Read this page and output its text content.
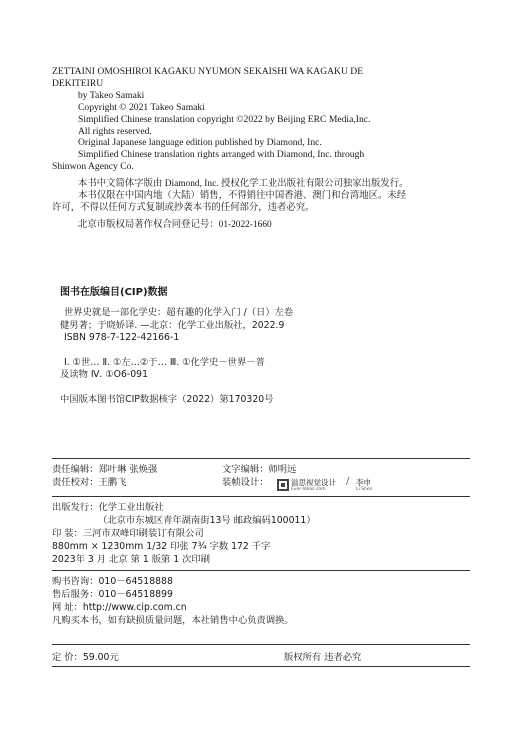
ZETTAINI OMOSHIROI KAGAKU NYUMON SEKAISHI WA KAGAKU DE
DEKITEIRU
by Takeo Samaki
Copyright © 2021 Takeo Samaki
Simplified Chinese translation copyright ©2022 by Beijing ERC Media,Inc.
All rights reserved.
Original Japanese language edition published by Diamond, Inc.
Simplified Chinese translation rights arranged with Diamond, Inc. through
Shinwon Agency Co.
本书中文简体字版由 Diamond, Inc. 授权化学工业出版社有限公司独家出版发行。
本书仅限在中国内地（大陆）销售，不得销往中国香港、澳门和台湾地区。未经
许可，不得以任何方式复制或抄袭本书的任何部分，违者必究。
北京市版权局著作权合同登记号：01-2022-1660
图书在版编目(CIP)数据
世界史就是一部化学史：超有趣的化学入门 /（日）左卷
健男著；于晓娇译. —北京：化学工业出版社，2022.9
ISBN 978-7-122-42166-1
Ⅰ. ①世… Ⅱ. ①左…②于… Ⅲ. ①化学史－世界－普
及读物 Ⅳ. ①O6-091
中国版本图书馆CIP数据核字（2022）第170320号
责任编辑：郑叶琳 张焕强
责任校对：王鹏飞
文字编辑：师明远
装帧设计：	溢思视觉设计
Ever-Ideas.com
/ 李申
Li Shen
出版发行：化学工业出版社
（北京市东城区青年湖南街13号 邮政编码100011）
印 装：三河市双峰印刷装订有限公司
880mm × 1230mm 1/32 印张 7¾ 字数 172 千字
2023年 3 月 北京 第 1 版第 1 次印刷
购书咨询：010－64518888
售后服务：010－64518899
网 址：http://www.cip.com.cn
凡购买本书，如有缺损质量问题，本社销售中心负责调换。
定 价：59.00元	版权所有 违者必究
